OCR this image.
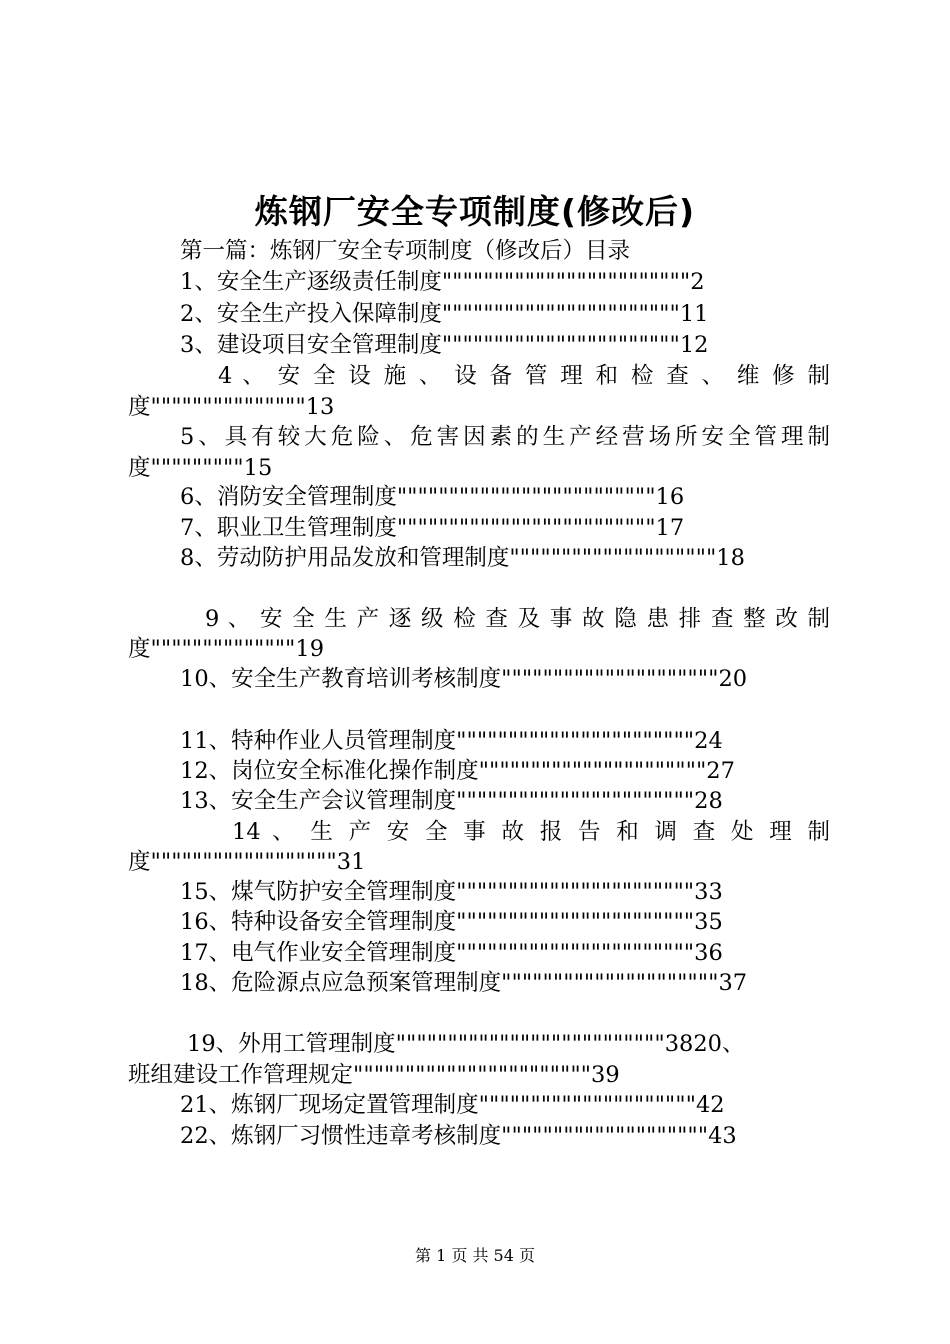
炼钢厂安全专项制度(修改后)
第一篇：炼钢厂安全专项制度（修改后）目录
1、安全生产逐级责任制度""""""""""""""""""""""""2
2、安全生产投入保障制度"""""""""""""""""""""""11
3、建设项目安全管理制度"""""""""""""""""""""""12
4 、 安 全 设 施 、 设 备 管 理 和 检 查 、 维 修 制
度"""""""""""""""13
5、具有较大危险、危害因素的生产经营场所安全管理制
度"""""""""15
6、消防安全管理制度"""""""""""""""""""""""""16
7、职业卫生管理制度"""""""""""""""""""""""""17
8、劳动防护用品发放和管理制度""""""""""""""""""""18
9 、 安 全 生 产 逐 级 检 查 及 事 故 隐 患 排 查 整 改 制
度""""""""""""""19
10、安全生产教育培训考核制度"""""""""""""""""""""20
11、特种作业人员管理制度"""""""""""""""""""""""24
12、岗位安全标准化操作制度""""""""""""""""""""""27
13、安全生产会议管理制度"""""""""""""""""""""""28
14 、 生 产 安 全 事 故 报 告 和 调 查 处 理 制
度""""""""""""""""""31
15、煤气防护安全管理制度"""""""""""""""""""""""33
16、特种设备安全管理制度"""""""""""""""""""""""35
17、电气作业安全管理制度"""""""""""""""""""""""36
18、危险源点应急预案管理制度"""""""""""""""""""""37
19、外用工管理制度""""""""""""""""""""""""""3820、
班组建设工作管理规定"""""""""""""""""""""""39
21、炼钢厂现场定置管理制度"""""""""""""""""""""42
22、炼钢厂习惯性违章考核制度""""""""""""""""""""43
第 1 页 共 54 页
